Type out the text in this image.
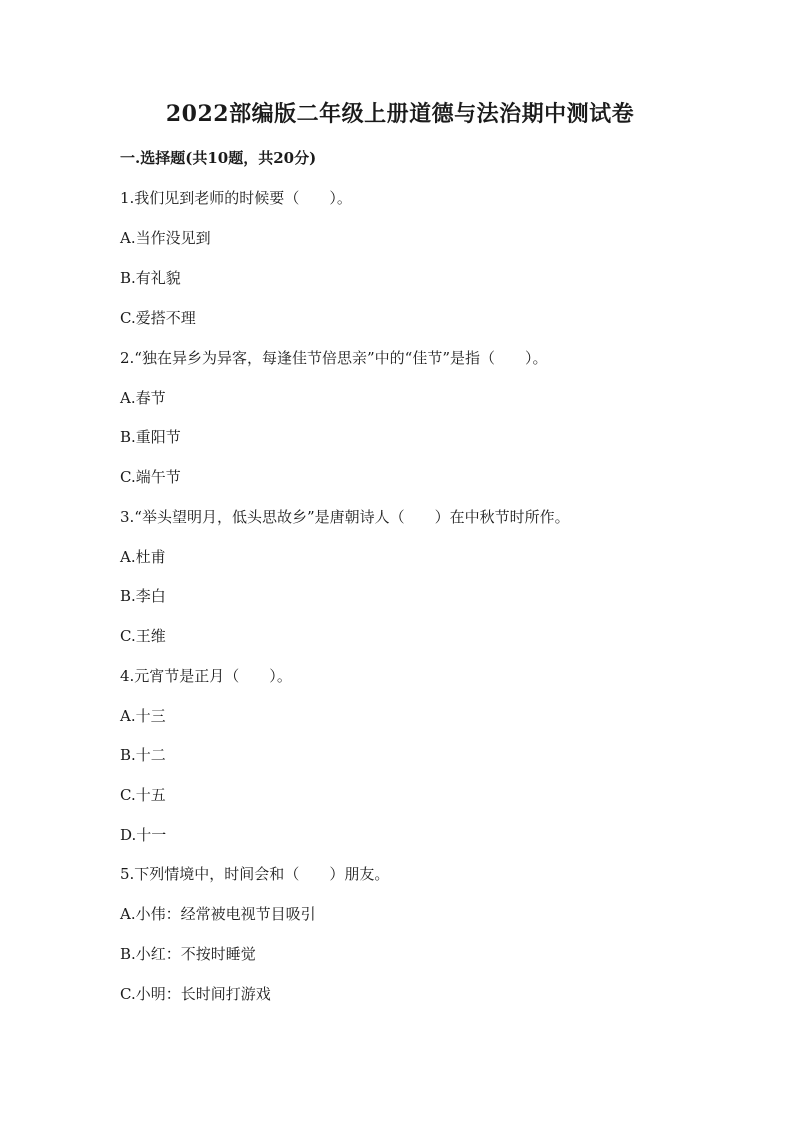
2022部编版二年级上册道德与法治期中测试卷
一.选择题(共10题，共20分)
1.我们见到老师的时候要（　　）。
A.当作没见到
B.有礼貌
C.爱搭不理
2.“独在异乡为异客，每逢佳节倍思亲”中的“佳节”是指（　　）。
A.春节
B.重阳节
C.端午节
3.“举头望明月，低头思故乡”是唐朝诗人（　　）在中秋节时所作。
A.杜甫
B.李白
C.王维
4.元宵节是正月（　　）。
A.十三
B.十二
C.十五
D.十一
5.下列情境中，时间会和（　　）朋友。
A.小伟：经常被电视节目吸引
B.小红：不按时睡觉
C.小明：长时间打游戏
